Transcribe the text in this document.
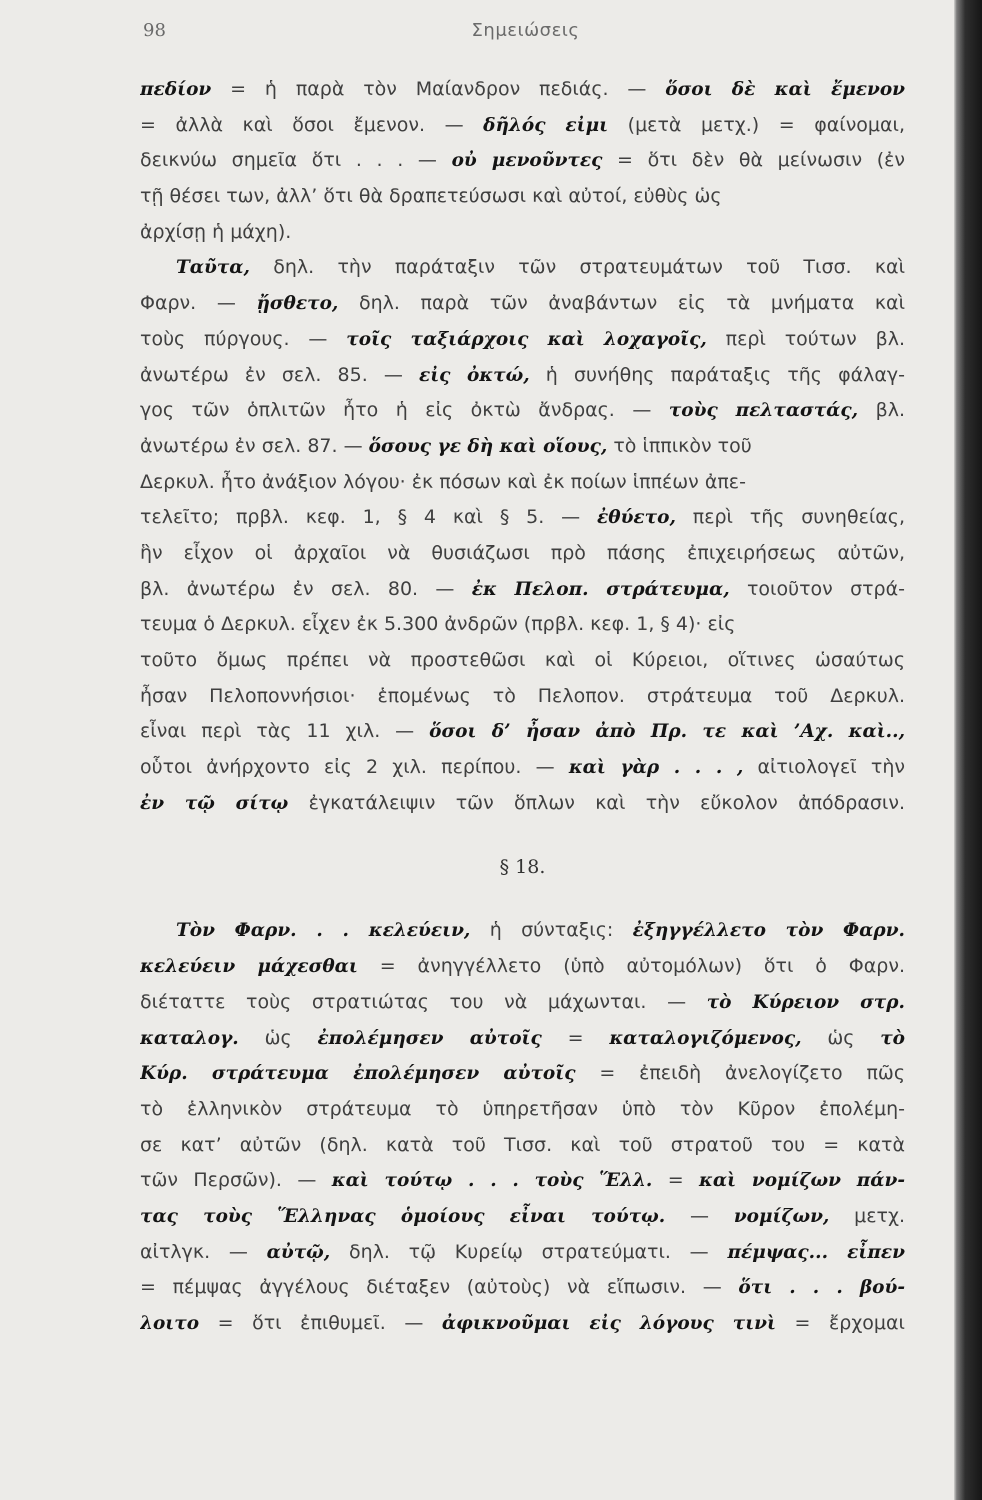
Σημειώσεις
98
πεδίον = ἡ παρὰ τὸν Μαίανδρον πεδιάς. — ὅσοι δὲ καὶ ἔμενον
= ἀλλὰ καὶ ὅσοι ἔμενον. — δῆλός εἰμι (μετὰ μετχ.) = φαίνομαι,
δεικνύω σημεῖα ὅτι . . . — οὐ μενοῦντες = ὅτι δὲν θὰ μείνωσιν (ἐν
τῇ θέσει των, ἀλλ’ ὅτι θὰ δραπετεύσωσι καὶ αὐτοί, εὐθὺς ὡς
ἀρχίσῃ ἡ μάχη).
Ταῦτα, δηλ. τὴν παράταξιν τῶν στρατευμάτων τοῦ Τισσ. καὶ
Φαρν. — ᾔσθετο, δηλ. παρὰ τῶν ἀναβάντων εἰς τὰ μνήματα καὶ
τοὺς πύργους. — τοῖς ταξιάρχοις καὶ λοχαγοῖς, περὶ τούτων βλ.
ἀνωτέρω ἐν σελ. 85. — εἰς ὀκτώ, ἡ συνήθης παράταξις τῆς φάλαγ-
γος τῶν ὁπλιτῶν ἦτο ἡ εἰς ὀκτὼ ἄνδρας. — τοὺς πελταστάς, βλ.
ἀνωτέρω ἐν σελ. 87. — ὅσους γε δὴ καὶ οἵους, τὸ ἱππικὸν τοῦ
Δερκυλ. ἦτο ἀνάξιον λόγου· ἐκ πόσων καὶ ἐκ ποίων ἱππέων ἀπε-
τελεῖτο; πρβλ. κεφ. 1, § 4 καὶ § 5. — ἐθύετο, περὶ τῆς συνηθείας,
ἣν εἶχον οἱ ἀρχαῖοι νὰ θυσιάζωσι πρὸ πάσης ἐπιχειρήσεως αὐτῶν,
βλ. ἀνωτέρω ἐν σελ. 80. — ἐκ Πελοπ. στράτευμα, τοιοῦτον στρά-
τευμα ὁ Δερκυλ. εἶχεν ἐκ 5.300 ἀνδρῶν (πρβλ. κεφ. 1, § 4)· εἰς
τοῦτο ὅμως πρέπει νὰ προστεθῶσι καὶ οἱ Κύρειοι, οἵτινες ὡσαύτως
ἦσαν Πελοποννήσιοι· ἑπομένως τὸ Πελοπον. στράτευμα τοῦ Δερκυλ.
εἶναι περὶ τὰς 11 χιλ. — ὅσοι δ’ ἦσαν ἀπὸ Πρ. τε καὶ ’Αχ. καὶ..,
οὗτοι ἀνήρχοντο εἰς 2 χιλ. περίπου. — καὶ γὰρ . . . , αἰτιολογεῖ τὴν
ἐν τῷ σίτῳ ἐγκατάλειψιν τῶν ὅπλων καὶ τὴν εὔκολον ἀπόδρασιν.
§ 18.
Τὸν Φαρν. . . κελεύειν, ἡ σύνταξις: ἐξηγγέλλετο τὸν Φαρν.
κελεύειν μάχεσθαι = ἀνηγγέλλετο (ὑπὸ αὐτομόλων) ὅτι ὁ Φαρν.
διέταττε τοὺς στρατιώτας του νὰ μάχωνται. — τὸ Κύρειον στρ.
καταλογ. ὡς ἐπολέμησεν αὐτοῖς = καταλογιζόμενος, ὡς τὸ
Κύρ. στράτευμα ἐπολέμησεν αὐτοῖς = ἐπειδὴ ἀνελογίζετο πῶς
τὸ ἑλληνικὸν στράτευμα τὸ ὑπηρετῆσαν ὑπὸ τὸν Κῦρον ἐπολέμη-
σε κατ’ αὐτῶν (δηλ. κατὰ τοῦ Τισσ. καὶ τοῦ στρατοῦ του = κατὰ
τῶν Περσῶν). — καὶ τούτῳ . . . τοὺς Ἕλλ. = καὶ νομίζων πάν-
τας τοὺς Ἕλληνας ὁμοίους εἶναι τούτῳ. — νομίζων, μετχ.
αἰτλγκ. — αὐτῷ, δηλ. τῷ Κυρείῳ στρατεύματι. — πέμψας... εἶπεν
= πέμψας ἀγγέλους διέταξεν (αὐτοὺς) νὰ εἴπωσιν. — ὅτι . . . βού-
λοιτο = ὅτι ἐπιθυμεῖ. — ἀφικνοῦμαι εἰς λόγους τινὶ = ἔρχομαι
